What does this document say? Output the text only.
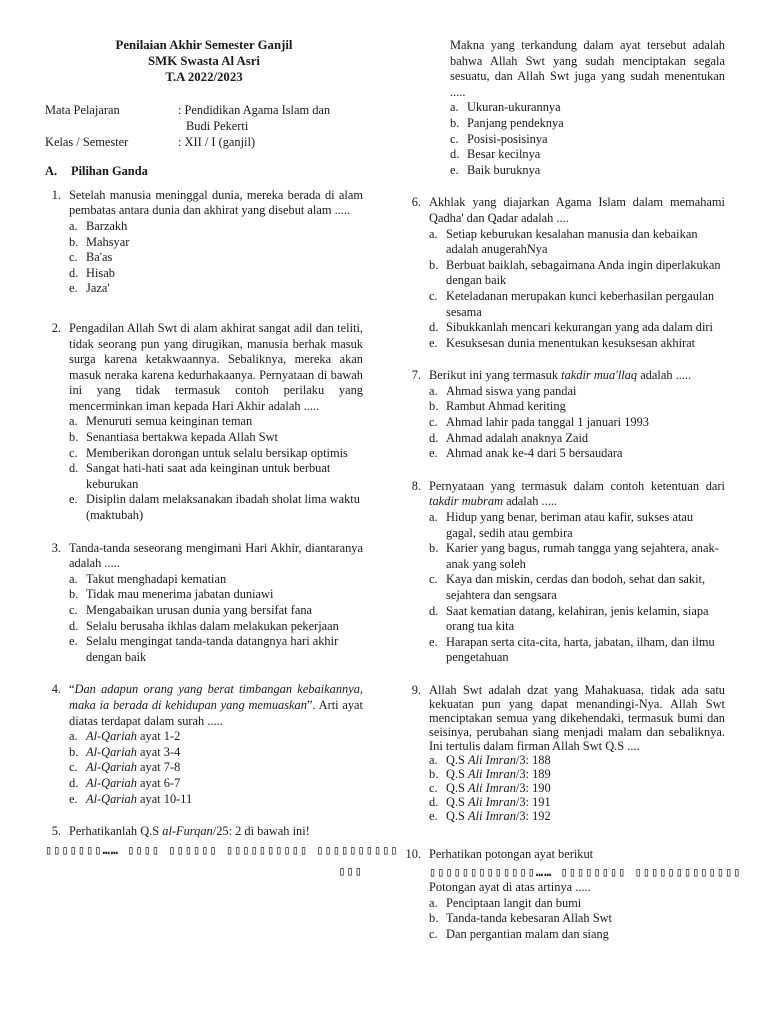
Penilaian Akhir Semester Ganjil
SMK Swasta Al Asri
T.A 2022/2023
Mata Pelajaran	: Pendidikan Agama Islam dan
Budi Pekerti
Kelas / Semester	: XII / I (ganjil)
A.	Pilihan Ganda
1. Setelah manusia meninggal dunia, mereka berada di alam pembatas antara dunia dan akhirat yang disebut alam .....
a. Barzakh
b. Mahsyar
c. Ba'as
d. Hisab
e. Jaza'
2. Pengadilan Allah Swt di alam akhirat sangat adil dan teliti, tidak seorang pun yang dirugikan, manusia berhak masuk surga karena ketakwaannya. Sebaliknya, mereka akan masuk neraka karena kedurhakaanya. Pernyataan di bawah ini yang tidak termasuk contoh perilaku yang mencerminkan iman kepada Hari Akhir adalah .....
a. Menuruti semua keinginan teman
b. Senantiasa bertakwa kepada Allah Swt
c. Memberikan dorongan untuk selalu bersikap optimis
d. Sangat hati-hati saat ada keinginan untuk berbuat keburukan
e. Disiplin dalam melaksanakan ibadah sholat lima waktu (maktubah)
3. Tanda-tanda seseorang mengimani Hari Akhir, diantaranya adalah .....
a. Takut menghadapi kematian
b. Tidak mau menerima jabatan duniawi
c. Mengabaikan urusan dunia yang bersifat fana
d. Selalu berusaha ikhlas dalam melakukan pekerjaan
e. Selalu mengingat tanda-tanda datangnya hari akhir dengan baik
4. “Dan adapun orang yang berat timbangan kebaikannya, maka ia berada di kehidupan yang memuaskan”. Arti ayat diatas terdapat dalam surah .....
a. Al-Qariah ayat 1-2
b. Al-Qariah ayat 3-4
c. Al-Qariah ayat 7-8
d. Al-Qariah ayat 6-7
e. Al-Qariah ayat 10-11
5. Perhatikanlah Q.S al-Furqan/25: 2 di bawah ini!
▯▯▯▯▯▯▯…… ▯▯▯▯ ▯▯▯▯▯▯ ▯▯▯▯▯▯▯▯▯▯ ▯▯▯▯▯▯▯▯▯▯
▯▯▯
Makna yang terkandung dalam ayat tersebut adalah bahwa Allah Swt yang sudah menciptakan segala sesuatu, dan Allah Swt juga yang sudah menentukan .....
a. Ukuran-ukurannya
b. Panjang pendeknya
c. Posisi-posisinya
d. Besar kecilnya
e. Baik buruknya
6. Akhlak yang diajarkan Agama Islam dalam memahami Qadha' dan Qadar adalah ....
a. Setiap keburukan kesalahan manusia dan kebaikan adalah anugerahNya
b. Berbuat baiklah, sebagaimana Anda ingin diperlakukan dengan baik
c. Keteladanan merupakan kunci keberhasilan pergaulan sesama
d. Sibukkanlah mencari kekurangan yang ada dalam diri
e. Kesuksesan dunia menentukan kesuksesan akhirat
7. Berikut ini yang termasuk takdir mua'llaq adalah .....
a. Ahmad siswa yang pandai
b. Rambut Ahmad keriting
c. Ahmad lahir pada tanggal 1 januari 1993
d. Ahmad adalah anaknya Zaid
e. Ahmad anak ke-4 dari 5 bersaudara
8. Pernyataan yang termasuk dalam contoh ketentuan dari takdir mubram adalah .....
a. Hidup yang benar, beriman atau kafir, sukses atau gagal, sedih atau gembira
b. Karier yang bagus, rumah tangga yang sejahtera, anak-anak yang soleh
c. Kaya dan miskin, cerdas dan bodoh, sehat dan sakit, sejahtera dan sengsara
d. Saat kematian datang, kelahiran, jenis kelamin, siapa orang tua kita
e. Harapan serta cita-cita, harta, jabatan, ilham, dan ilmu pengetahuan
9. Allah Swt adalah dzat yang Mahakuasa, tidak ada satu kekuatan pun yang dapat menandingi-Nya. Allah Swt menciptakan semua yang dikehendaki, termasuk bumi dan seisinya, perubahan siang menjadi malam dan sebaliknya. Ini tertulis dalam firman Allah Swt Q.S ....
a. Q.S Ali Imran/3: 188
b. Q.S Ali Imran/3: 189
c. Q.S Ali Imran/3: 190
d. Q.S Ali Imran/3: 191
e. Q.S Ali Imran/3: 192
10. Perhatikan potongan ayat berikut
▯▯▯▯▯▯▯▯▯▯▯▯▯…… ▯▯▯▯▯▯▯▯ ▯▯▯▯▯▯▯▯▯▯▯▯▯
Potongan ayat di atas artinya .....
a. Penciptaan langit dan bumi
b. Tanda-tanda kebesaran Allah Swt
c. Dan pergantian malam dan siang
